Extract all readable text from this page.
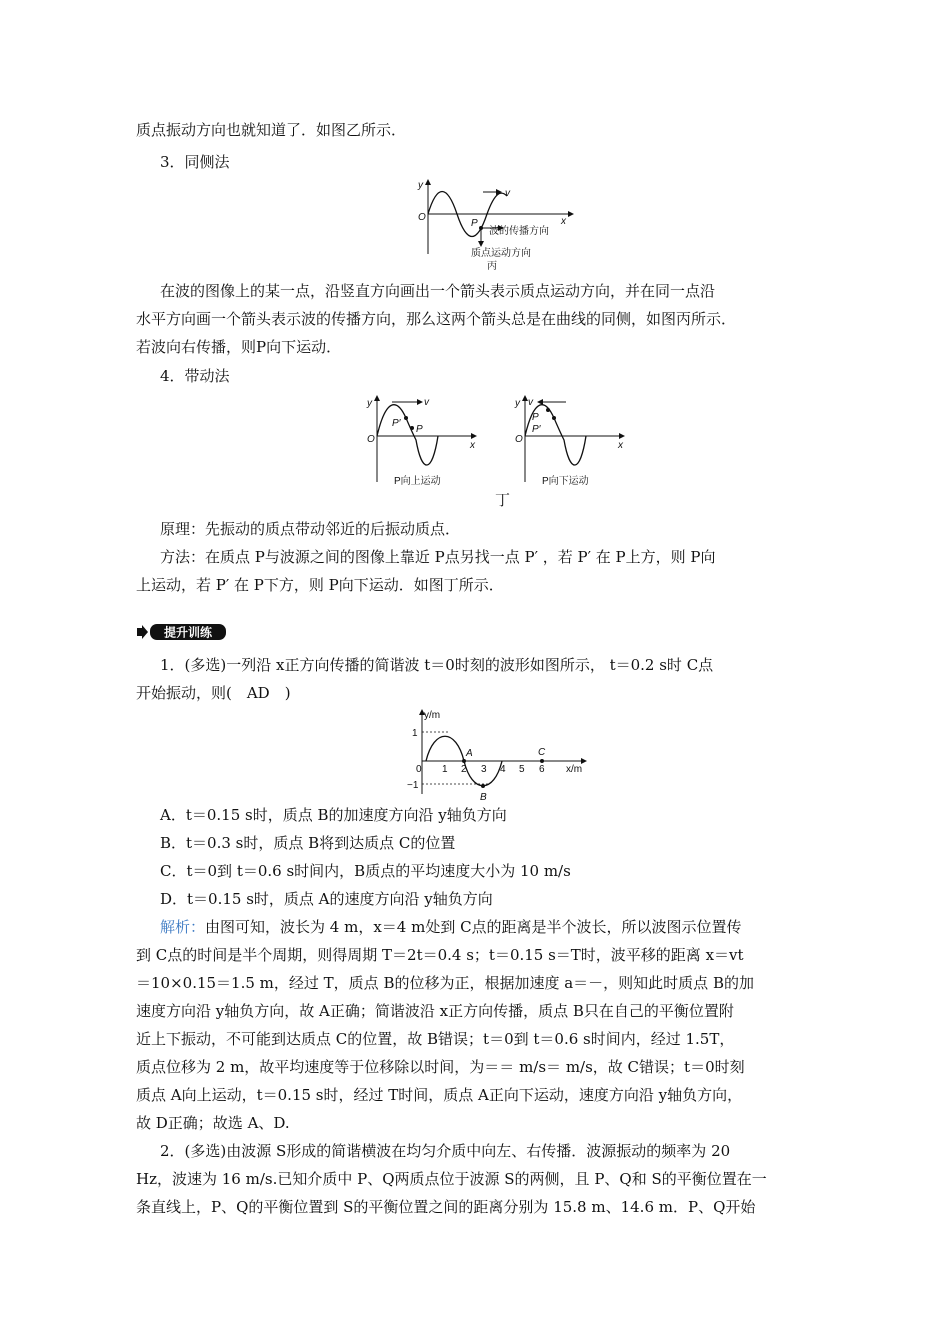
质点振动方向也就知道了．如图乙所示．
3．同侧法
y
O	x
v
P
波的传播方向
质点运动方向
丙
在波的图像上的某一点，沿竖直方向画出一个箭头表示质点运动方向，并在同一点沿
水平方向画一个箭头表示波的传播方向，那么这两个箭头总是在曲线的同侧，如图丙所示．
若波向右传播，则P向下运动．
4．带动法
y
O
x
v
P′
P
P向上运动
y
O
x
v
P
P′
P向下运动
丁
原理：先振动的质点带动邻近的后振动质点．
方法：在质点 P与波源之间的图像上靠近 P点另找一点 P′ ，若 P′ 在 P上方，则 P向
上运动，若 P′ 在 P下方，则 P向下运动．如图丁所示．
提升训练
1．(多选)一列沿 x正方向传播的简谐波 t＝0时刻的波形如图所示， t＝0.2 s时 C点
开始振动，则(　AD　)
y/m
1
−1
0 1 2 3 4 5 6 x/m
A
B
C
A．t＝0.15 s时，质点 B的加速度方向沿 y轴负方向
B．t＝0.3 s时，质点 B将到达质点 C的位置
C．t＝0到 t＝0.6 s时间内，B质点的平均速度大小为 10 m/s
D．t＝0.15 s时，质点 A的速度方向沿 y轴负方向
解析：由图可知，波长为 4 m，x＝4 m处到 C点的距离是半个波长，所以波图示位置传
到 C点的时间是半个周期，则得周期 T＝2t＝0.4 s；t＝0.15 s＝T时，波平移的距离 x＝vt
＝10×0.15＝1.5 m，经过 T，质点 B的位移为正，根据加速度 a＝－，则知此时质点 B的加
速度方向沿 y轴负方向，故 A正确；简谐波沿 x正方向传播，质点 B只在自己的平衡位置附
近上下振动，不可能到达质点 C的位置，故 B错误；t＝0到 t＝0.6 s时间内，经过 1.5T，
质点位移为 2 m，故平均速度等于位移除以时间，为＝＝ m/s＝ m/s，故 C错误；t＝0时刻
质点 A向上运动，t＝0.15 s时，经过 T时间，质点 A正向下运动，速度方向沿 y轴负方向，
故 D正确；故选 A、D.
2．(多选)由波源 S形成的简谐横波在均匀介质中向左、右传播．波源振动的频率为 20
Hz，波速为 16 m/s.已知介质中 P、Q两质点位于波源 S的两侧，且 P、Q和 S的平衡位置在一
条直线上，P、Q的平衡位置到 S的平衡位置之间的距离分别为 15.8 m、14.6 m．P、Q开始
